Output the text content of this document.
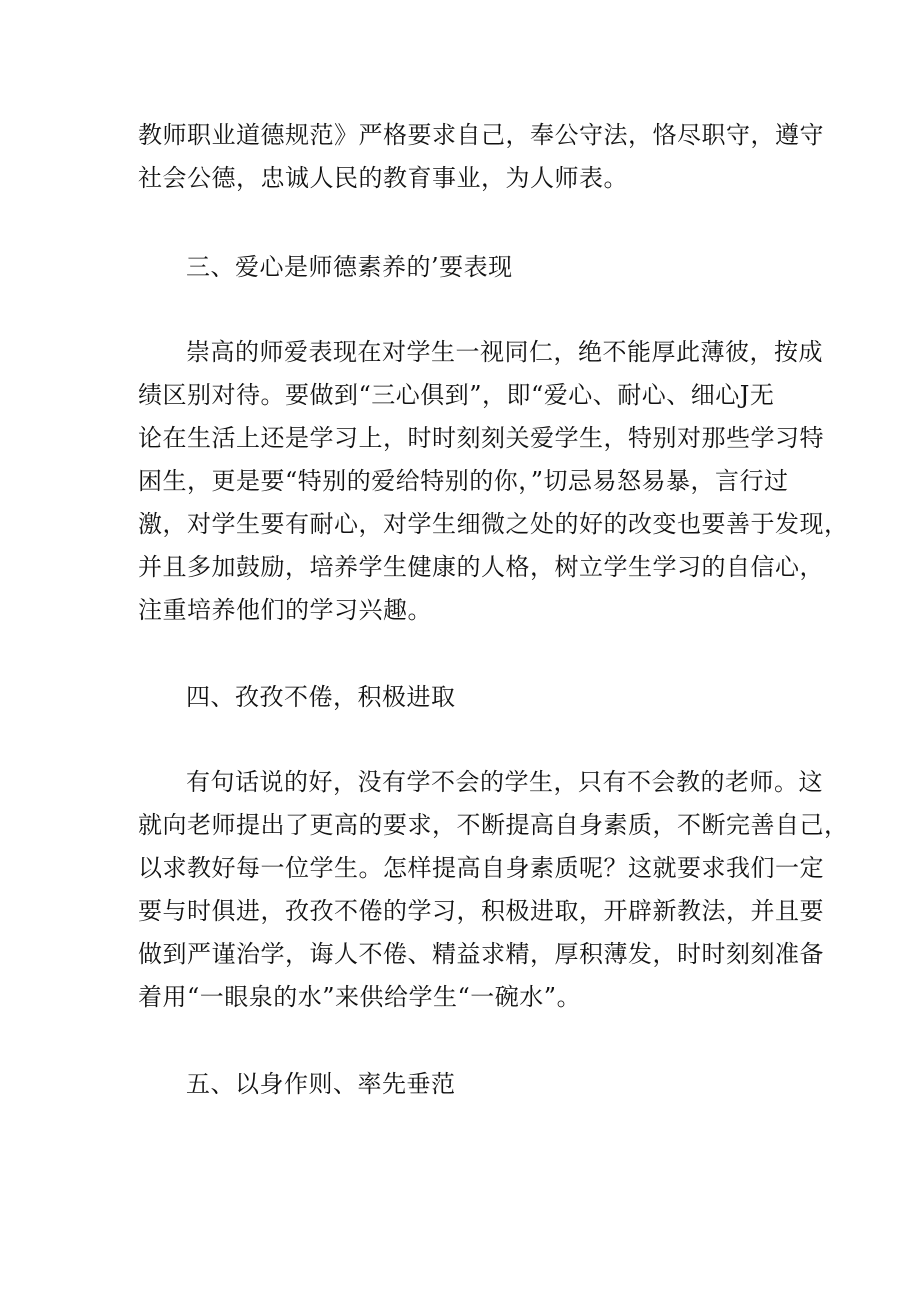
教师职业道德规范》严格要求自己，奉公守法，恪尽职守，遵守
社会公德，忠诚人民的教育事业，为人师表。
三、爱心是师德素养的’要表现
崇高的师爱表现在对学生一视同仁，绝不能厚此薄彼，按成
绩区别对待。要做到“三心俱到”，即“爱心、耐心、细心J无
论在生活上还是学习上，时时刻刻关爱学生，特别对那些学习特
困生，更是要“特别的爱给特别的你，”切忌易怒易暴，言行过
激，对学生要有耐心，对学生细微之处的好的改变也要善于发现，
并且多加鼓励，培养学生健康的人格，树立学生学习的自信心，
注重培养他们的学习兴趣。
四、孜孜不倦，积极进取
有句话说的好，没有学不会的学生，只有不会教的老师。这
就向老师提出了更高的要求，不断提高自身素质，不断完善自己，
以求教好每一位学生。怎样提高自身素质呢？这就要求我们一定
要与时俱进，孜孜不倦的学习，积极进取，开辟新教法，并且要
做到严谨治学，诲人不倦、精益求精，厚积薄发，时时刻刻准备
着用“一眼泉的水”来供给学生“一碗水”。
五、以身作则、率先垂范
